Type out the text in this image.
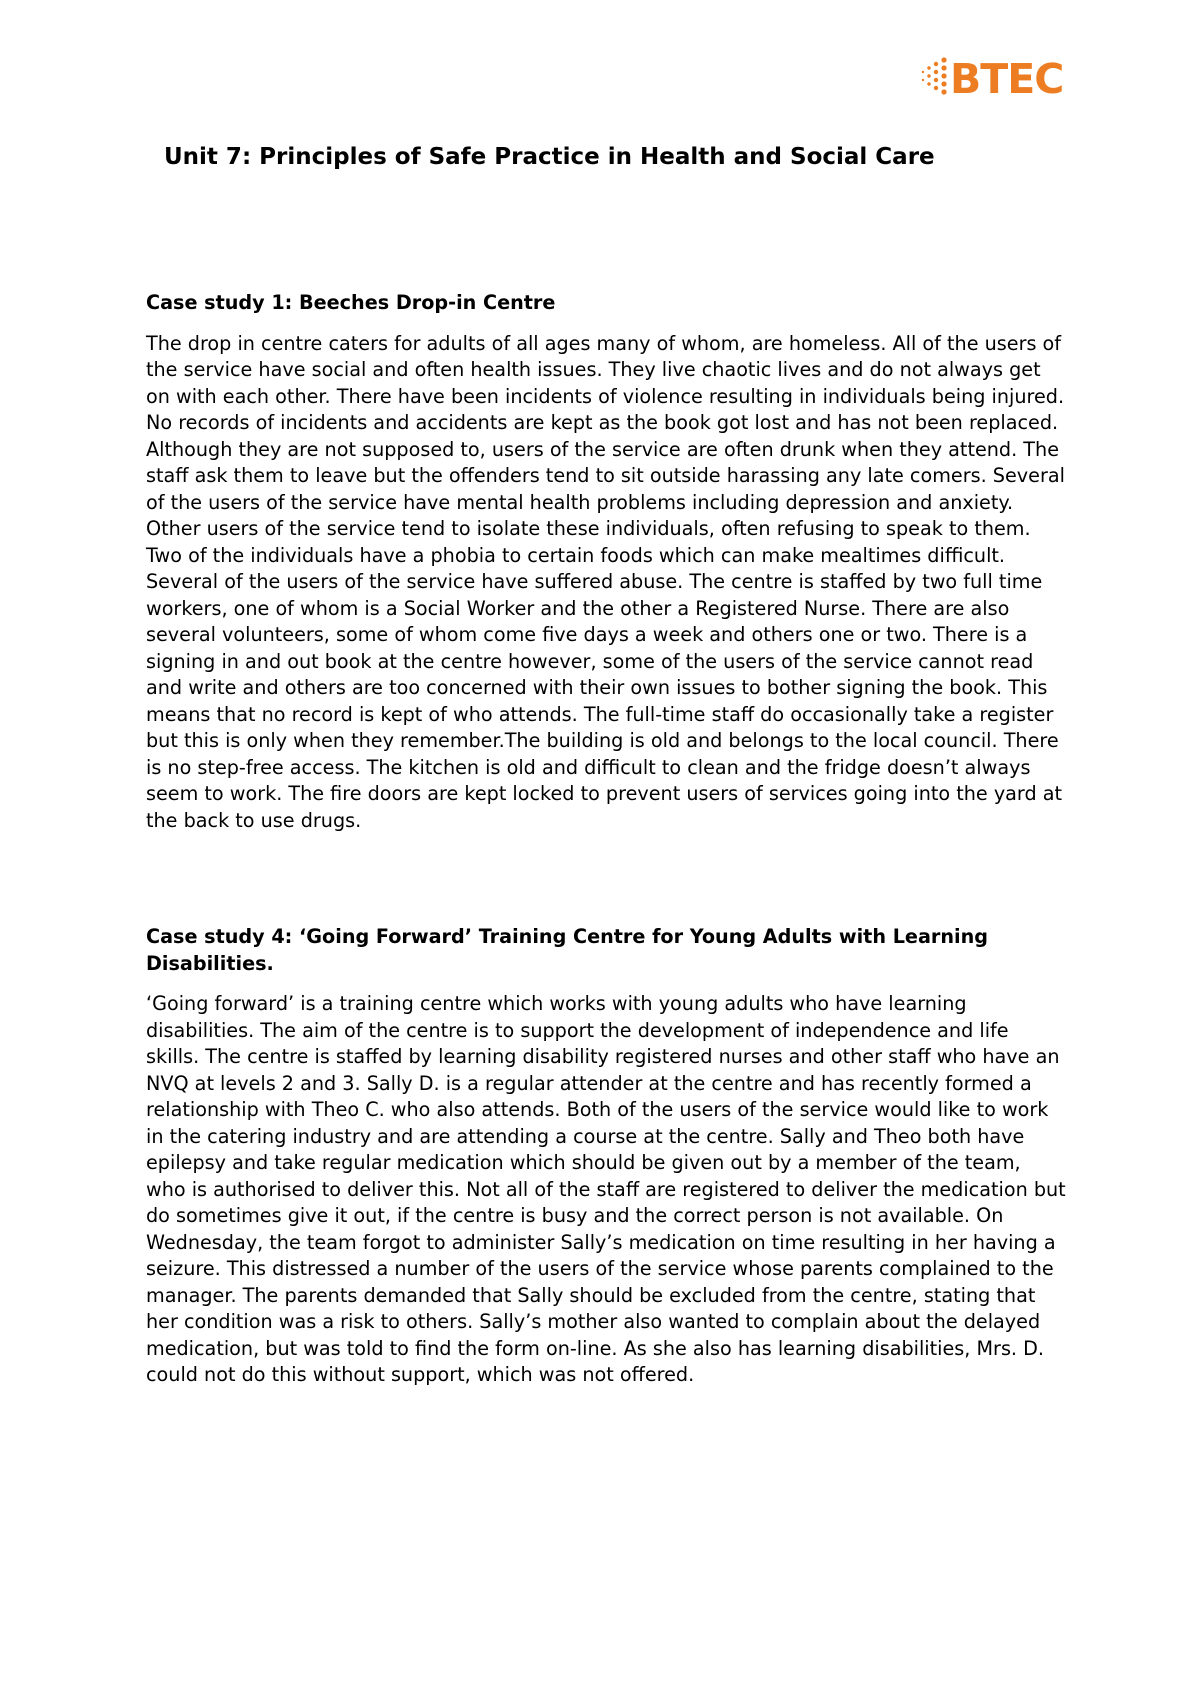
BTEC
Unit 7: Principles of Safe Practice in Health and Social Care
Case study 1: Beeches Drop-in Centre

The drop in centre caters for adults of all ages many of whom, are homeless. All of the users of the service have social and often health issues. They live chaotic lives and do not always get on with each other. There have been incidents of violence resulting in individuals being injured. No records of incidents and accidents are kept as the book got lost and has not been replaced. Although they are not supposed to, users of the service are often drunk when they attend. The staff ask them to leave but the offenders tend to sit outside harassing any late comers. Several of the users of the service have mental health problems including depression and anxiety. Other users of the service tend to isolate these individuals, often refusing to speak to them. Two of the individuals have a phobia to certain foods which can make mealtimes difficult. Several of the users of the service have suffered abuse. The centre is staffed by two full time workers, one of whom is a Social Worker and the other a Registered Nurse. There are also several volunteers, some of whom come five days a week and others one or two. There is a signing in and out book at the centre however, some of the users of the service cannot read and write and others are too concerned with their own issues to bother signing the book. This means that no record is kept of who attends. The full-time staff do occasionally take a register but this is only when they remember.The building is old and belongs to the local council. There is no step-free access. The kitchen is old and difficult to clean and the fridge doesn’t always seem to work. The fire doors are kept locked to prevent users of services going into the yard at the back to use drugs.

Case study 4: ‘Going Forward’ Training Centre for Young Adults with Learning Disabilities.

‘Going forward’ is a training centre which works with young adults who have learning disabilities. The aim of the centre is to support the development of independence and life skills. The centre is staffed by learning disability registered nurses and other staff who have an NVQ at levels 2 and 3. Sally D. is a regular attender at the centre and has recently formed a relationship with Theo C. who also attends. Both of the users of the service would like to work in the catering industry and are attending a course at the centre. Sally and Theo both have epilepsy and take regular medication which should be given out by a member of the team, who is authorised to deliver this. Not all of the staff are registered to deliver the medication but do sometimes give it out, if the centre is busy and the correct person is not available. On Wednesday, the team forgot to administer Sally’s medication on time resulting in her having a seizure. This distressed a number of the users of the service whose parents complained to the manager. The parents demanded that Sally should be excluded from the centre, stating that her condition was a risk to others. Sally’s mother also wanted to complain about the delayed medication, but was told to find the form on-line. As she also has learning disabilities, Mrs. D. could not do this without support, which was not offered.
